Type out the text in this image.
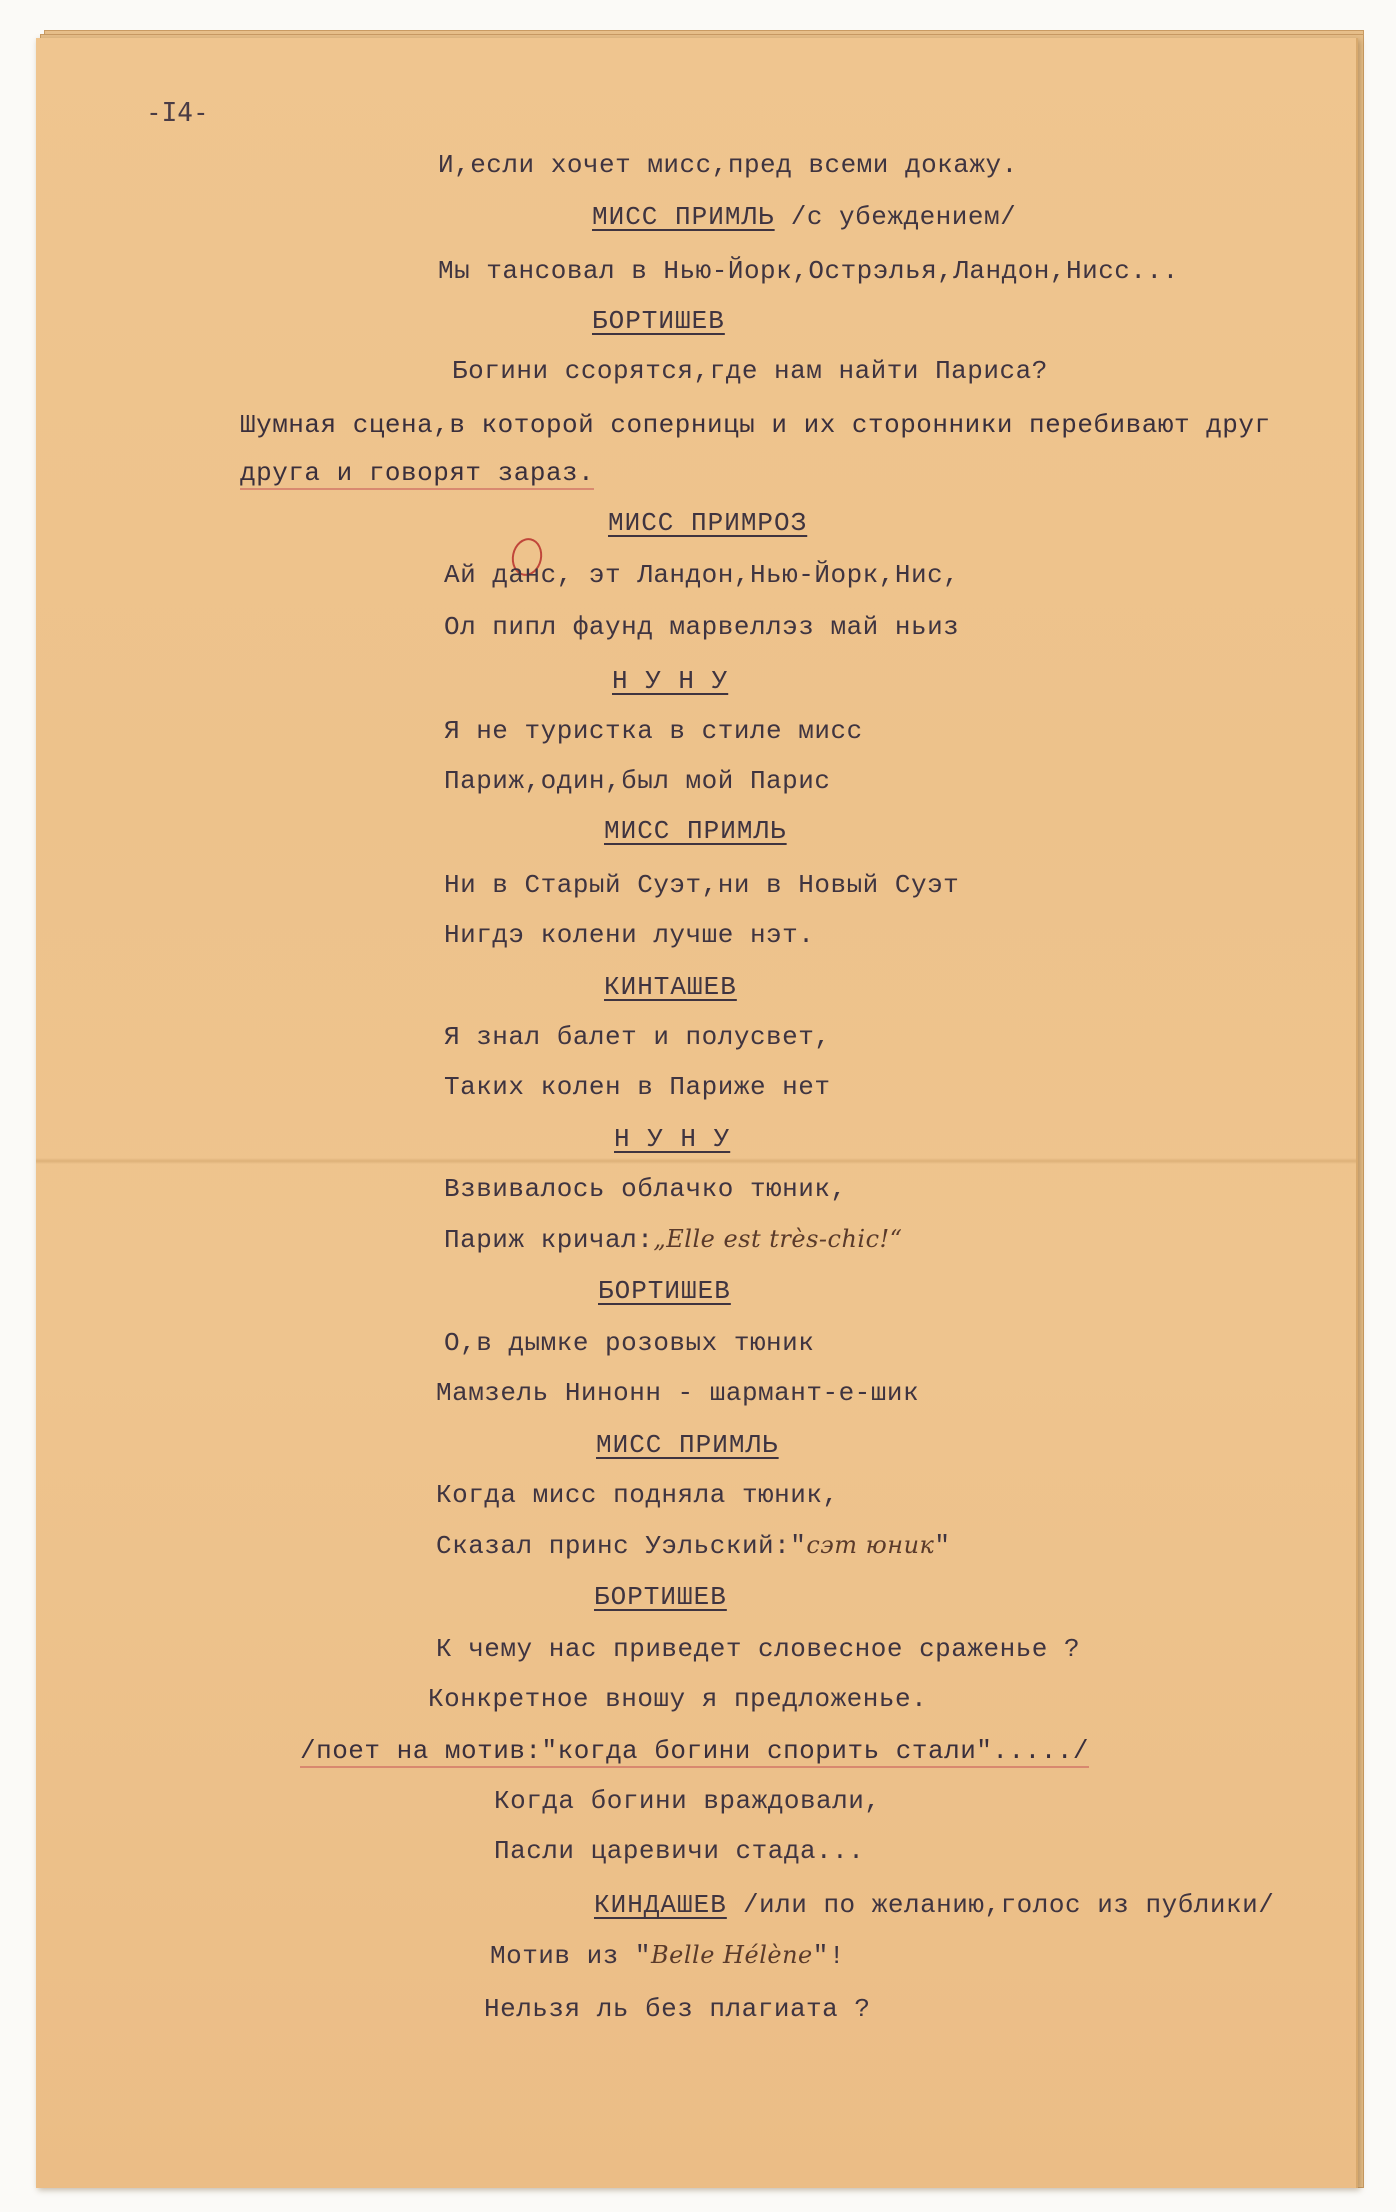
-I4-
И,если хочет мисс,пред всеми докажу.
МИСС ПРИМЛЬ /с убеждением/
Мы тансовал в Нью-Йорк,Острэлья,Ландон,Нисс...
БОРТИШЕВ
Богини ссорятся,где нам найти Париса?
Шумная сцена,в которой соперницы и их сторонники перебивают друг
друга и говорят зараз.
МИСС ПРИМРОЗ
Ай данс, эт Ландон,Нью-Йорк,Нис,
Ол пипл фаунд марвеллэз май ньиз
Н У Н У
Я не туристка в стиле мисс
Париж,один,был мой Парис
МИСС ПРИМЛЬ
Ни в Старый Суэт,ни в Новый Суэт
Нигдэ колени лучше нэт.
КИНТАШЕВ
Я знал балет и полусвет,
Таких колен в Париже нет
Н У Н У
Взвивалось облачко тюник,
Париж кричал:„Elle est très-chic!“
БОРТИШЕВ
О,в дымке розовых тюник
Мамзель Нинонн - шармант-е-шик
МИСС ПРИМЛЬ
Когда мисс подняла тюник,
Сказал принс Уэльский:"сэт юник"
БОРТИШЕВ
К чему нас приведет словесное сраженье ?
Конкретное вношу я предложенье.
/поет на мотив:"когда богини спорить стали"...../
Когда богини враждовали,
Пасли царевичи стада...
КИНДАШЕВ /или по желанию,голос из публики/
Мотив из "Belle Hélène"!
Нельзя ль без плагиата ?
